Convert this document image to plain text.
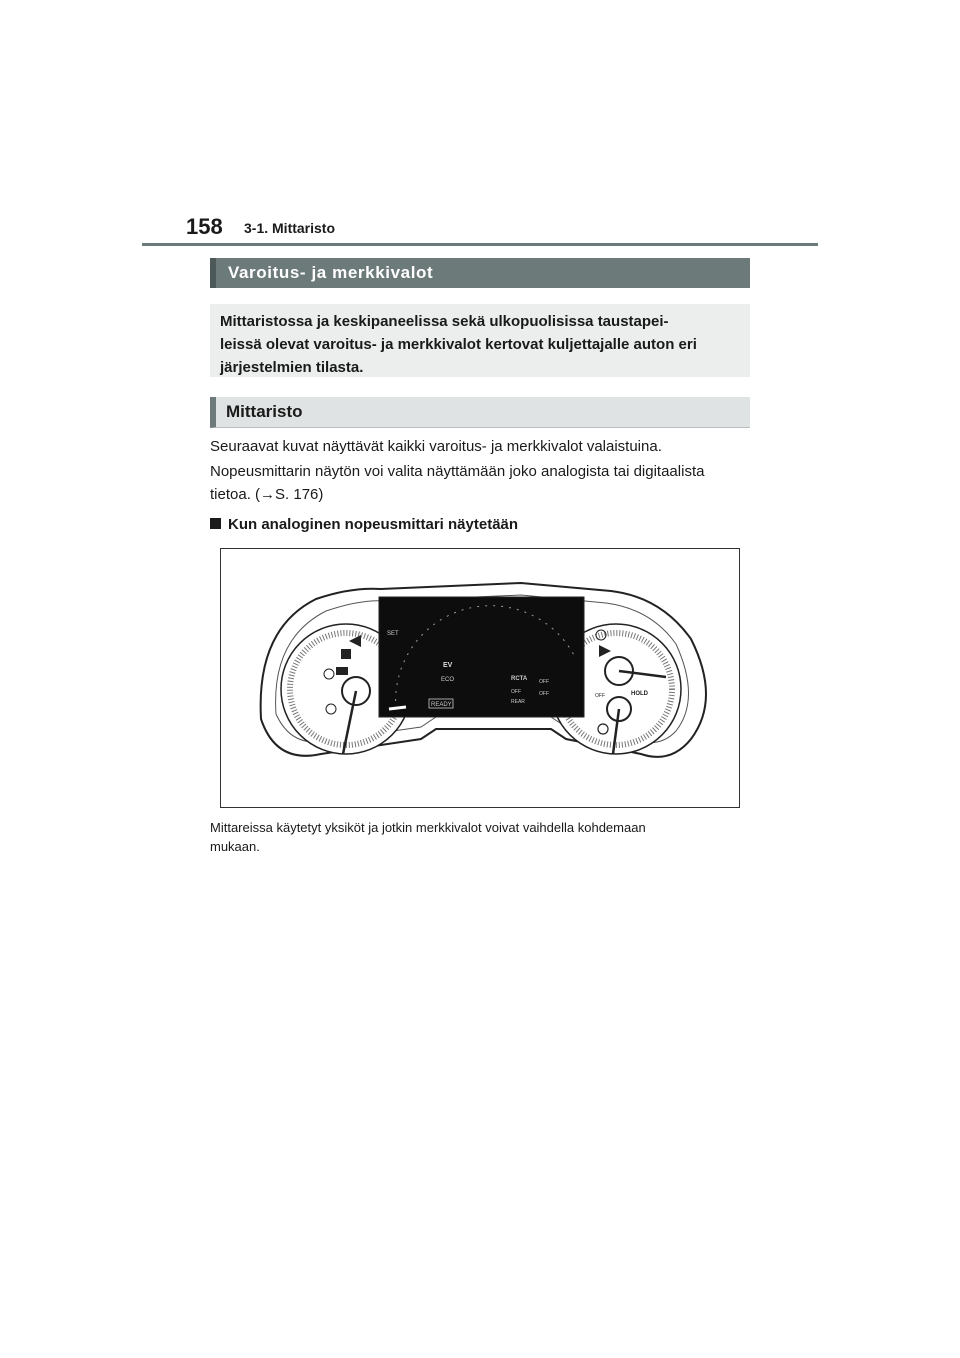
158 3-1. Mittaristo
Varoitus- ja merkkivalot
Mittaristossa ja keskipaneelissa sekä ulkopuolisissa taustapei-
leissä olevat varoitus- ja merkkivalot kertovat kuljettajalle auton eri
järjestelmien tilasta.
Mittaristo
Seuraavat kuvat näyttävät kaikki varoitus- ja merkkivalot valaistuina.
Nopeusmittarin näytön voi valita näyttämään joko analogista tai digitaalista
tietoa. (→S. 176)
Kun analoginen nopeusmittari näytetään
SET
EV
ECO
READY
RCTA
OFF
OFF
OFF
REAR
OFF	HOLD
Mittareissa käytetyt yksiköt ja jotkin merkkivalot voivat vaihdella kohdemaan
mukaan.
